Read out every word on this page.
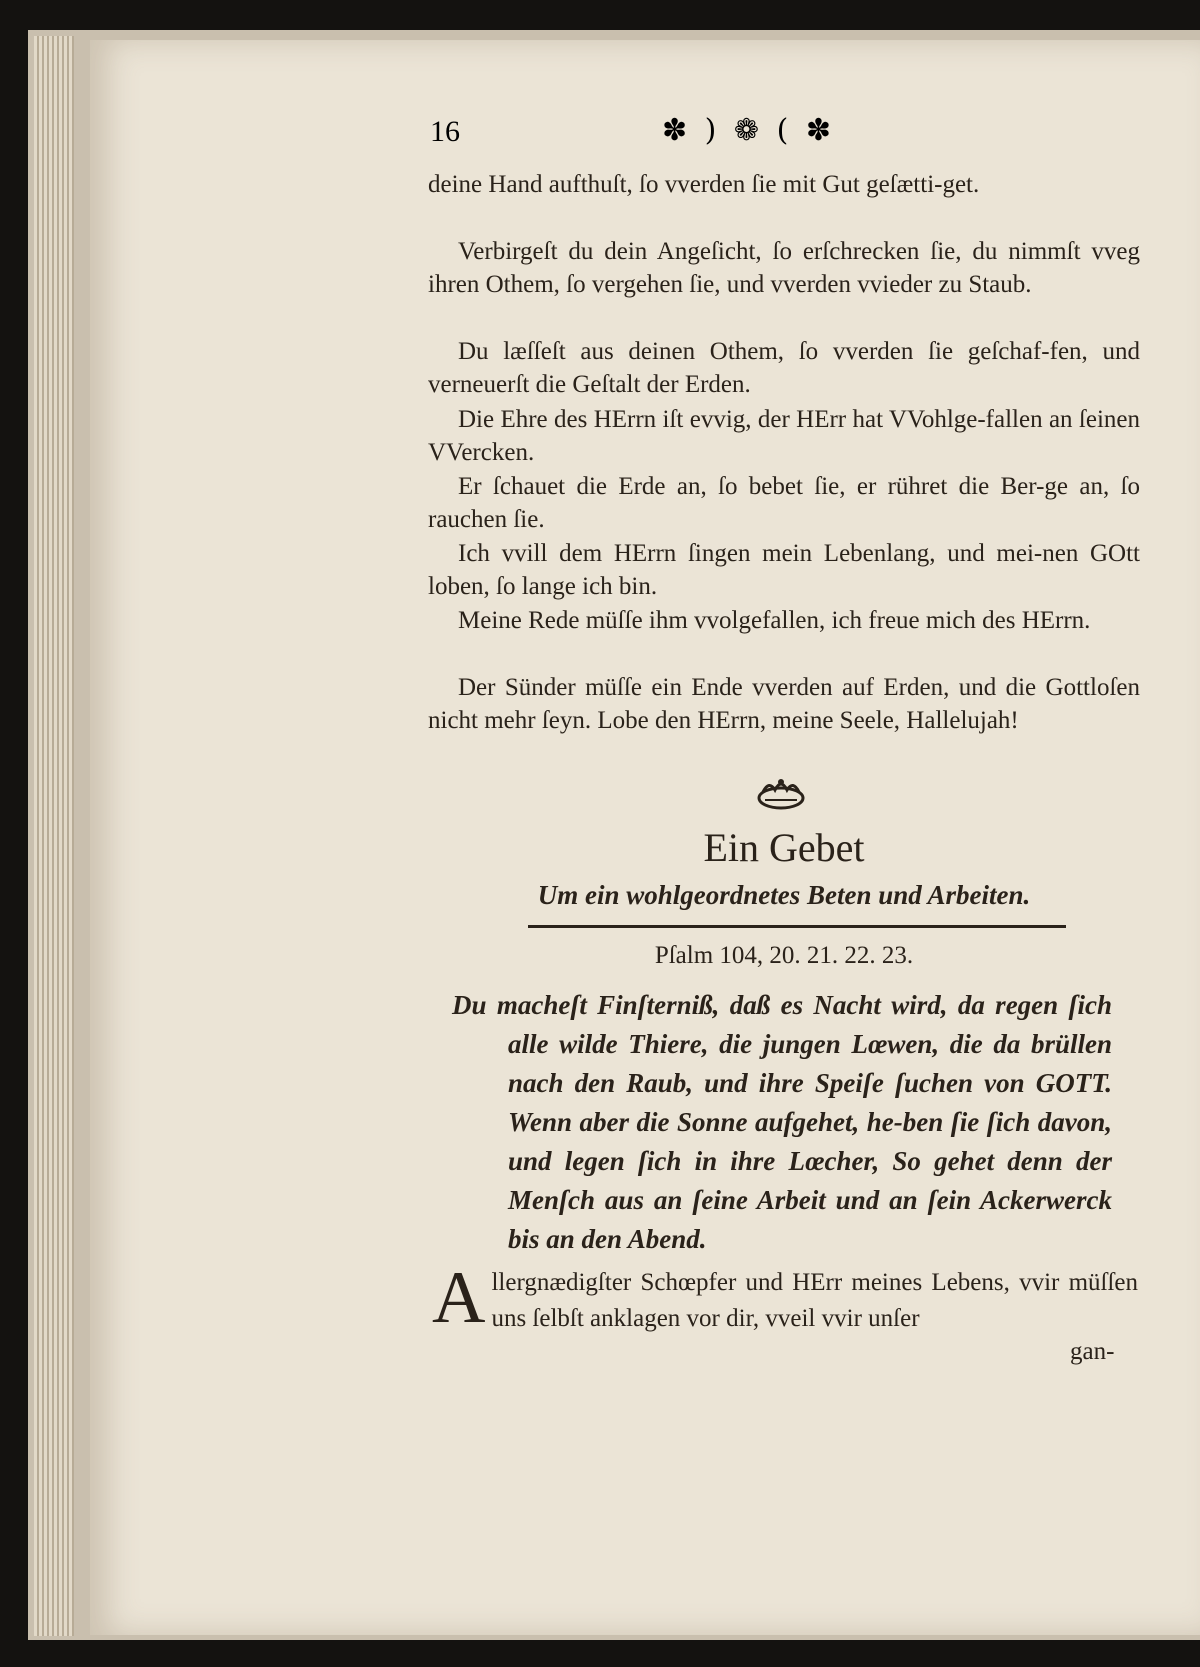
16	✽ ) ❁ ( ✽

deine Hand aufthuſt, ſo vverden ſie mit Gut geſætti-get.

Verbirgeſt du dein Angeſicht, ſo erſchrecken ſie, du nimmſt vveg ihren Othem, ſo vergehen ſie, und vverden vvieder zu Staub.

Du læſſeſt aus deinen Othem, ſo vverden ſie geſchaf-fen, und verneuerſt die Geſtalt der Erden.

Die Ehre des HErrn iſt evvig, der HErr hat VVohlge-fallen an ſeinen VVercken.

Er ſchauet die Erde an, ſo bebet ſie, er rühret die Ber-ge an, ſo rauchen ſie.

Ich vvill dem HErrn ſingen mein Lebenlang, und mei-nen GOtt loben, ſo lange ich bin.

Meine Rede müſſe ihm vvolgefallen, ich freue mich des HErrn.

Der Sünder müſſe ein Ende vverden auf Erden, und die Gottloſen nicht mehr ſeyn. Lobe den HErrn, meine Seele, Hallelujah!

Ein Gebet
Um ein wohlgeordnetes Beten und Arbeiten.
Pſalm 104, 20. 21. 22. 23.
Du macheſt Finſterniß, daß es Nacht wird, da regen ſich alle wilde Thiere, die jungen Lœwen, die da brüllen nach den Raub, und ihre Speiſe ſuchen von GOTT. Wenn aber die Sonne aufgehet, he-ben ſie ſich davon, und legen ſich in ihre Lœcher, So gehet denn der Menſch aus an ſeine Arbeit und an ſein Ackerwerck bis an den Abend.
A llergnædigſter Schœpfer und HErr meines Lebens, vvir müſſen uns ſelbſt anklagen vor dir, vveil vvir unſer
gan-
